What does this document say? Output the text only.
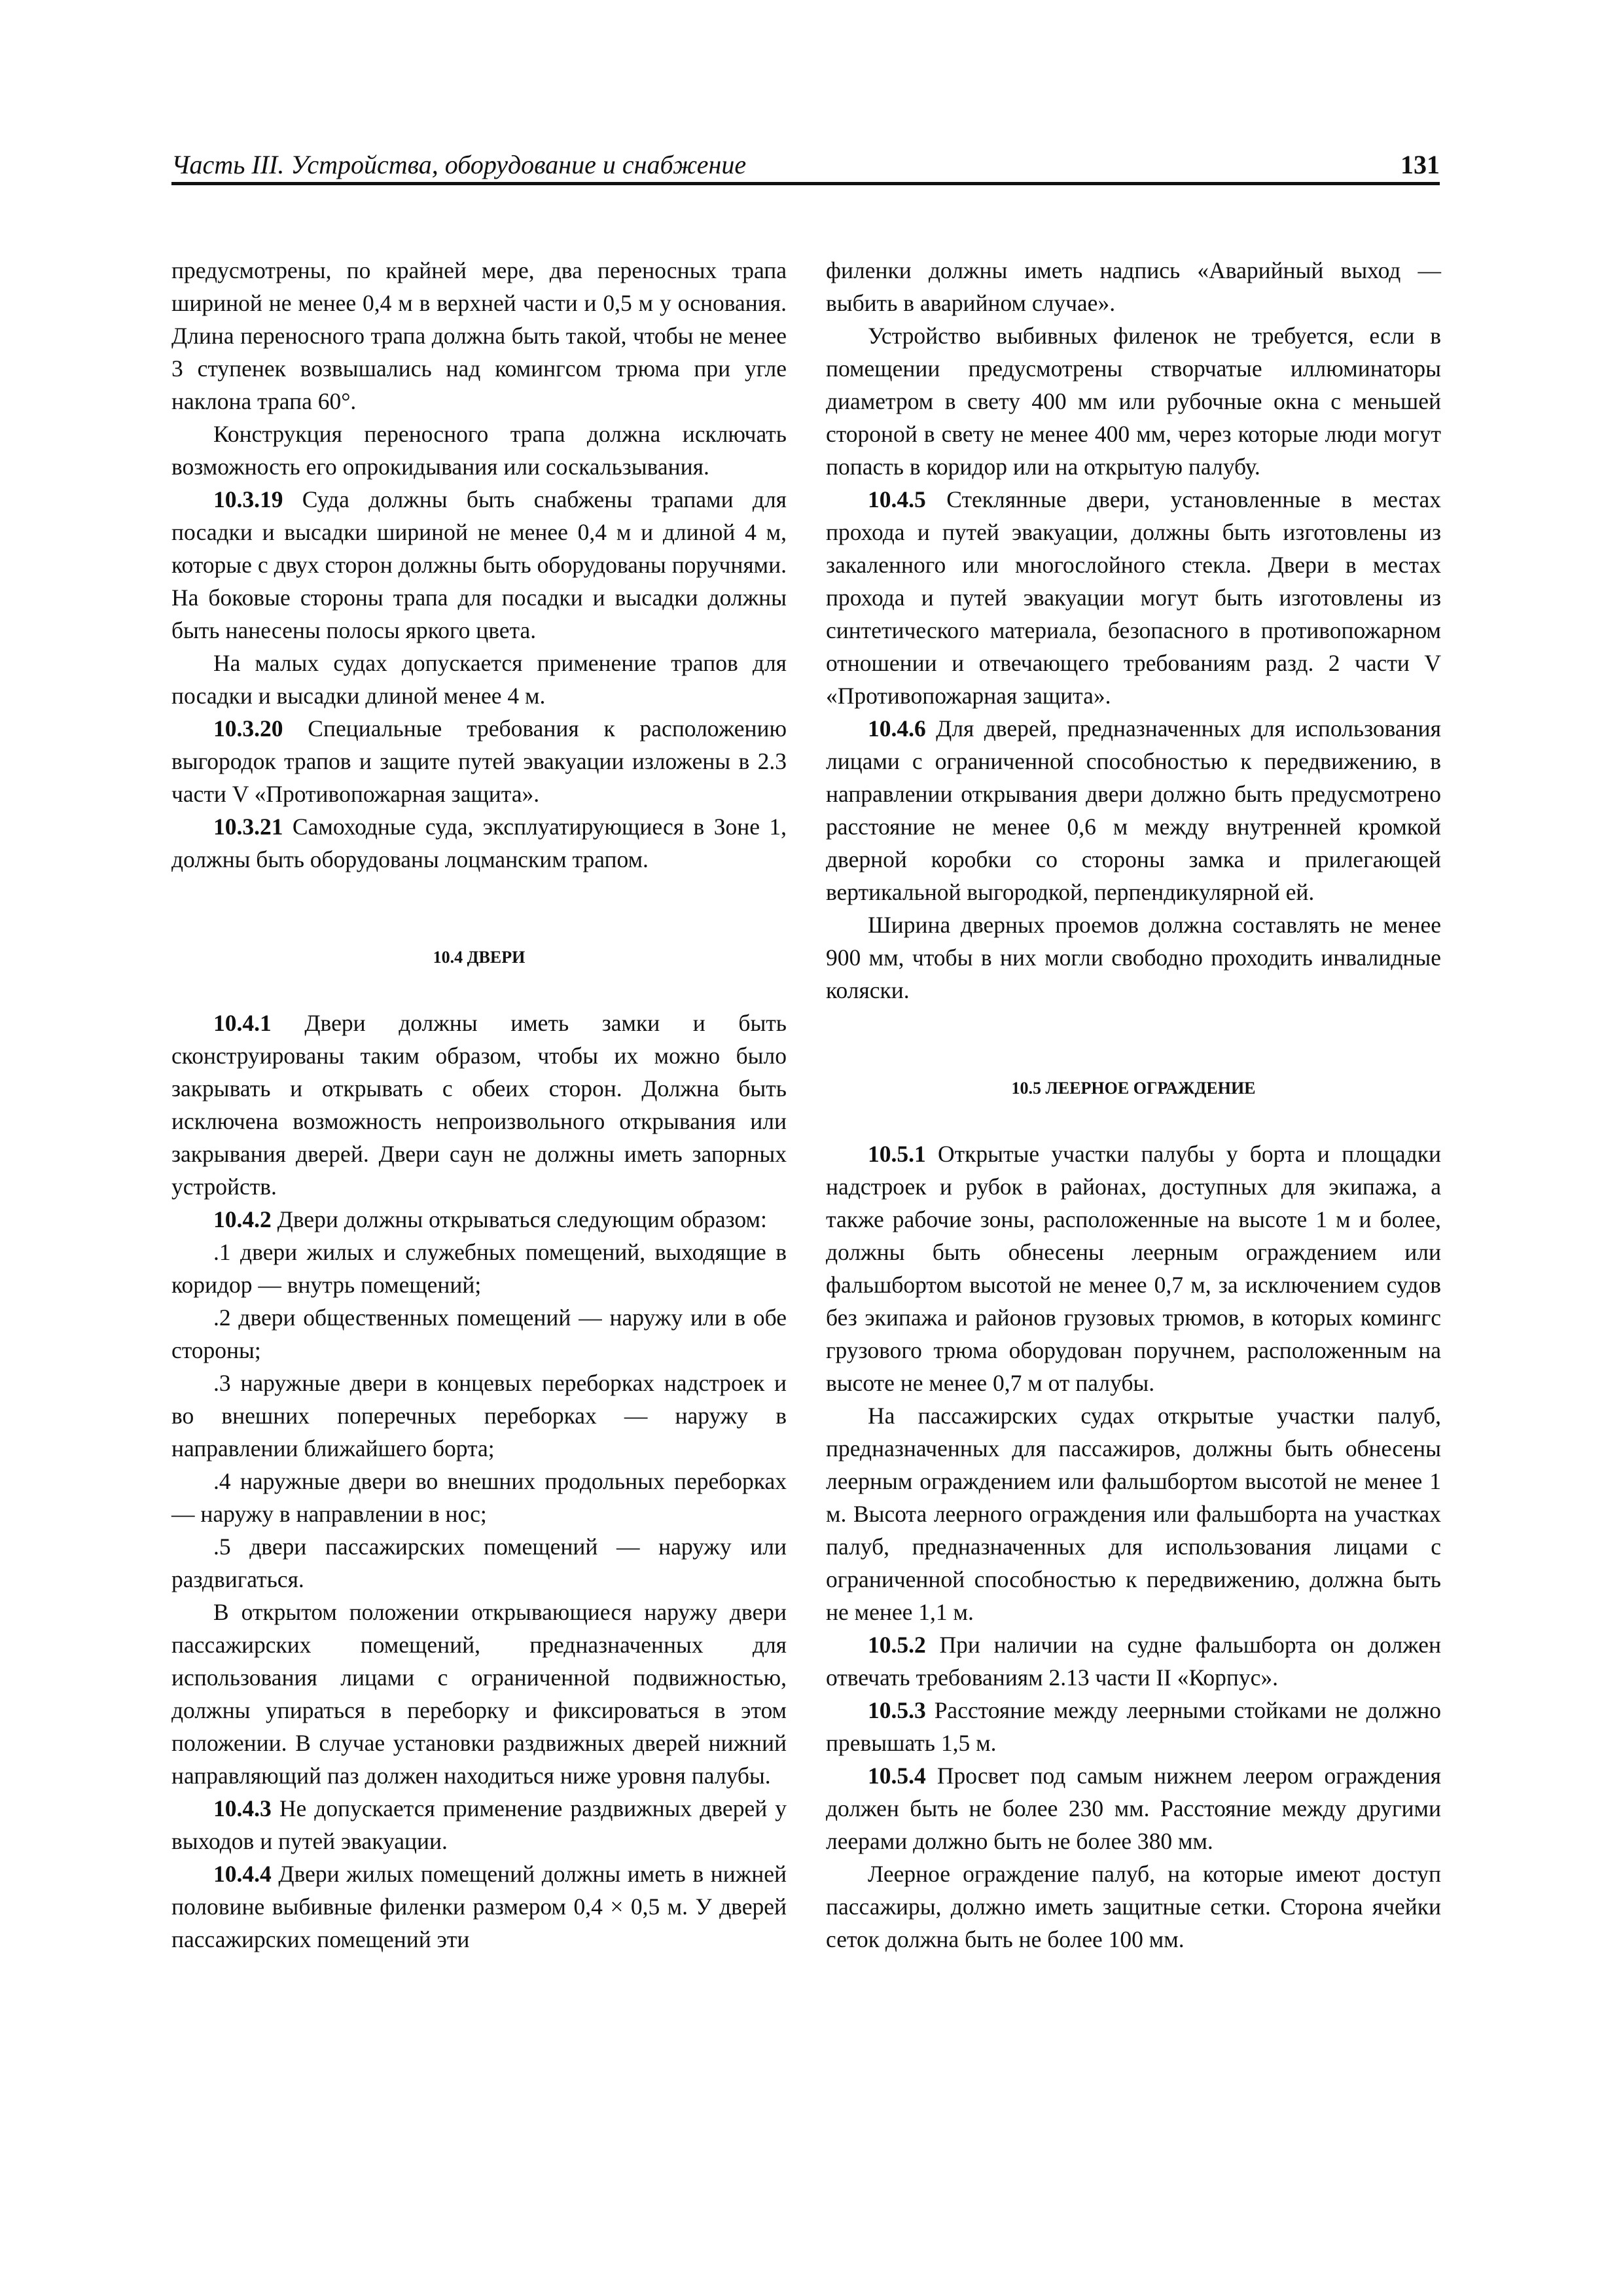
Часть III. Устройства, оборудование и снабжение	131

предусмотрены, по крайней мере, два переносных трапа шириной не менее 0,4 м в верхней части и 0,5 м у основания. Длина переносного трапа должна быть такой, чтобы не менее 3 ступенек возвышались над комингсом трюма при угле наклона трапа 60°.

Конструкция переносного трапа должна исключать возможность его опрокидывания или соскальзывания.

10.3.19 Суда должны быть снабжены трапами для посадки и высадки шириной не менее 0,4 м и длиной 4 м, которые с двух сторон должны быть оборудованы поручнями. На боковые стороны трапа для посадки и высадки должны быть нанесены полосы яркого цвета.

На малых судах допускается применение трапов для посадки и высадки длиной менее 4 м.

10.3.20 Специальные требования к расположению выгородок трапов и защите путей эвакуации изложены в 2.3 части V «Противопожарная защита».

10.3.21 Самоходные суда, эксплуатирующиеся в Зоне 1, должны быть оборудованы лоцманским трапом.

10.4 ДВЕРИ

10.4.1 Двери должны иметь замки и быть сконструированы таким образом, чтобы их можно было закрывать и открывать с обеих сторон. Должна быть исключена возможность непроизвольного открывания или закрывания дверей. Двери саун не должны иметь запорных устройств.

10.4.2 Двери должны открываться следующим образом:

.1 двери жилых и служебных помещений, выходящие в коридор — внутрь помещений;

.2 двери общественных помещений — наружу или в обе стороны;

.3 наружные двери в концевых переборках надстроек и во внешних поперечных переборках — наружу в направлении ближайшего борта;

.4 наружные двери во внешних продольных переборках — наружу в направлении в нос;

.5 двери пассажирских помещений — наружу или раздвигаться.

В открытом положении открывающиеся наружу двери пассажирских помещений, предназначенных для использования лицами с ограниченной подвижностью, должны упираться в переборку и фиксироваться в этом положении. В случае установки раздвижных дверей нижний направляющий паз должен находиться ниже уровня палубы.

10.4.3 Не допускается применение раздвижных дверей у выходов и путей эвакуации.

10.4.4 Двери жилых помещений должны иметь в нижней половине выбивные филенки размером 0,4 × 0,5 м. У дверей пассажирских помещений эти

филенки должны иметь надпись «Аварийный выход — выбить в аварийном случае».

Устройство выбивных филенок не требуется, если в помещении предусмотрены створчатые иллюминаторы диаметром в свету 400 мм или рубочные окна с меньшей стороной в свету не менее 400 мм, через которые люди могут попасть в коридор или на открытую палубу.

10.4.5 Стеклянные двери, установленные в местах прохода и путей эвакуации, должны быть изготовлены из закаленного или многослойного стекла. Двери в местах прохода и путей эвакуации могут быть изготовлены из синтетического материала, безопасного в противопожарном отношении и отвечающего требованиям разд. 2 части V «Противопожарная защита».

10.4.6 Для дверей, предназначенных для использования лицами с ограниченной способностью к передвижению, в направлении открывания двери должно быть предусмотрено расстояние не менее 0,6 м между внутренней кромкой дверной коробки со стороны замка и прилегающей вертикальной выгородкой, перпендикулярной ей.

Ширина дверных проемов должна составлять не менее 900 мм, чтобы в них могли свободно проходить инвалидные коляски.

10.5 ЛЕЕРНОЕ ОГРАЖДЕНИЕ

10.5.1 Открытые участки палубы у борта и площадки надстроек и рубок в районах, доступных для экипажа, а также рабочие зоны, расположенные на высоте 1 м и более, должны быть обнесены леерным ограждением или фальшбортом высотой не менее 0,7 м, за исключением судов без экипажа и районов грузовых трюмов, в которых комингс грузового трюма оборудован поручнем, расположенным на высоте не менее 0,7 м от палубы.

На пассажирских судах открытые участки палуб, предназначенных для пассажиров, должны быть обнесены леерным ограждением или фальшбортом высотой не менее 1 м. Высота леерного ограждения или фальшборта на участках палуб, предназначенных для использования лицами с ограниченной способностью к передвижению, должна быть не менее 1,1 м.

10.5.2 При наличии на судне фальшборта он должен отвечать требованиям 2.13 части II «Корпус».

10.5.3 Расстояние между леерными стойками не должно превышать 1,5 м.

10.5.4 Просвет под самым нижнем леером ограждения должен быть не более 230 мм. Расстояние между другими леерами должно быть не более 380 мм.

Леерное ограждение палуб, на которые имеют доступ пассажиры, должно иметь защитные сетки. Сторона ячейки сеток должна быть не более 100 мм.
